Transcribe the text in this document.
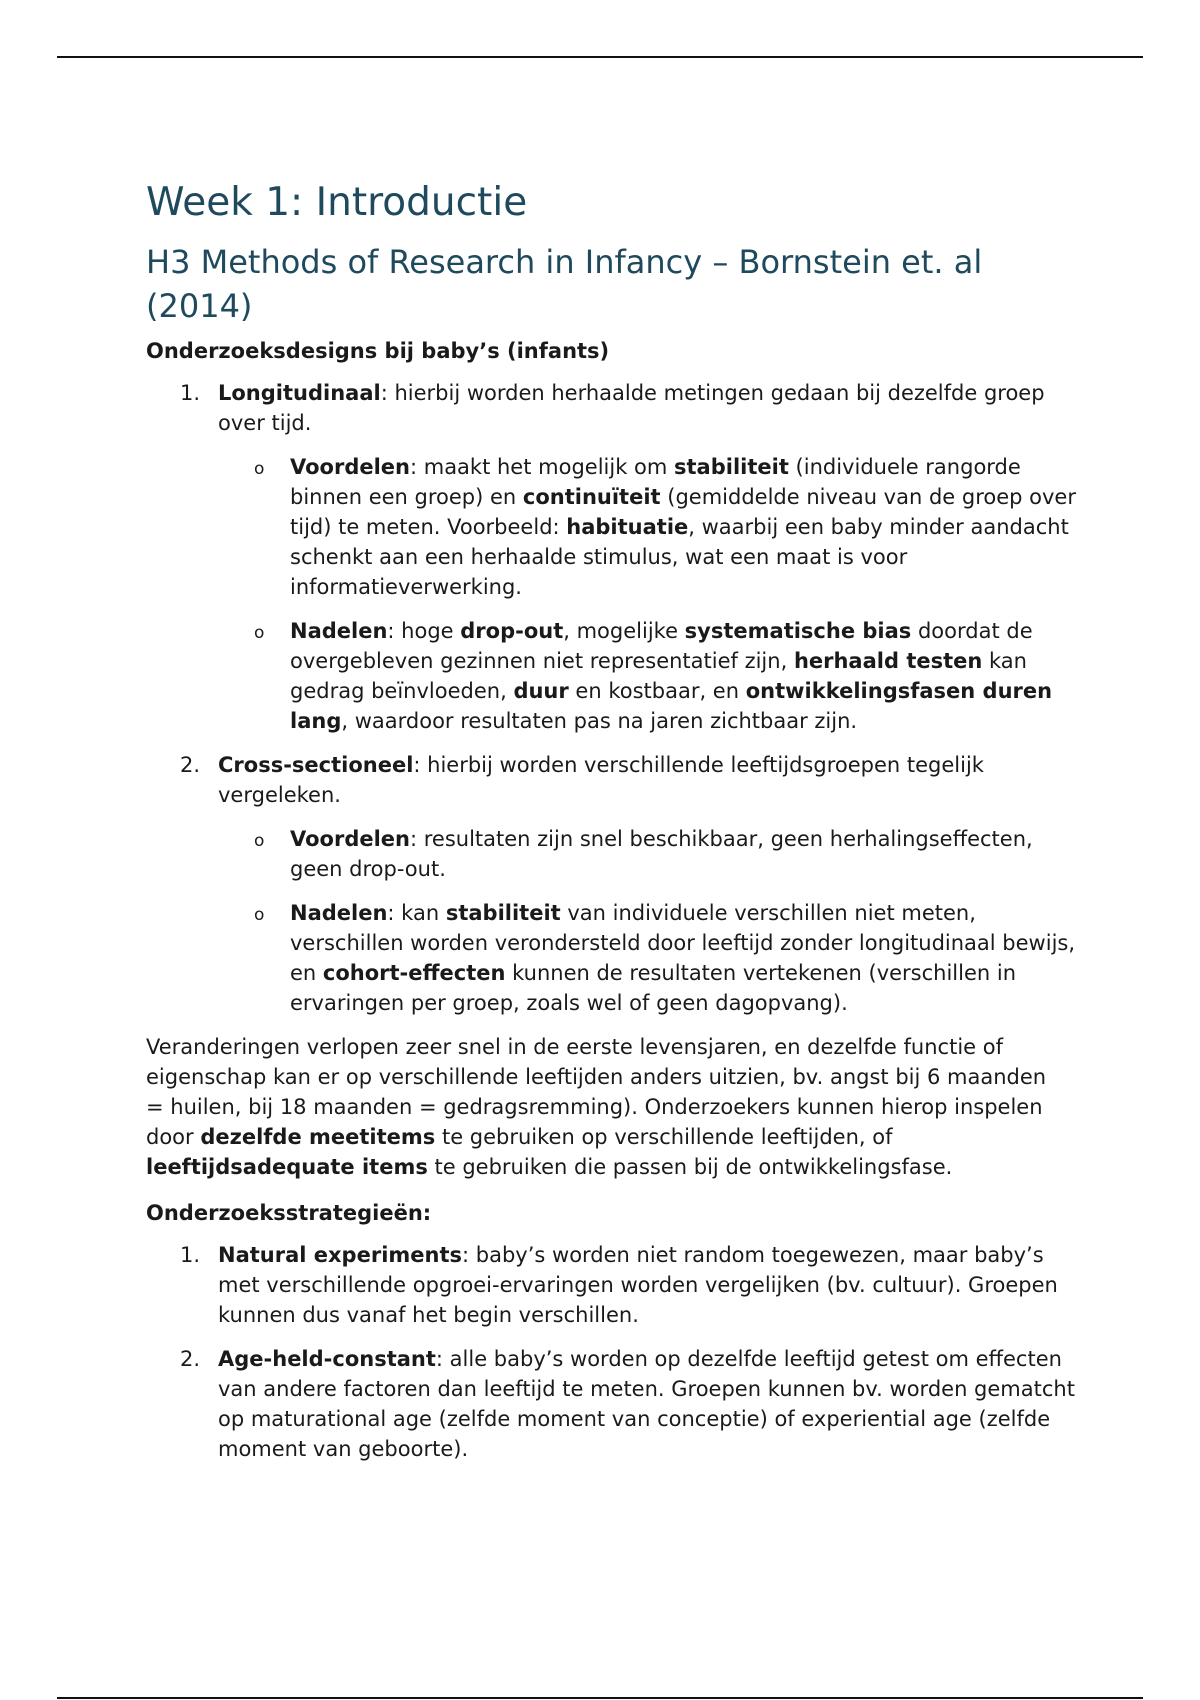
Week 1: Introductie
H3 Methods of Research in Infancy – Bornstein et. al (2014)
Onderzoeksdesigns bij baby’s (infants)
1. Longitudinaal: hierbij worden herhaalde metingen gedaan bij dezelfde groep over tijd.
o Voordelen: maakt het mogelijk om stabiliteit (individuele rangorde binnen een groep) en continuïteit (gemiddelde niveau van de groep over tijd) te meten. Voorbeeld: habituatie, waarbij een baby minder aandacht schenkt aan een herhaalde stimulus, wat een maat is voor informatieverwerking.
o Nadelen: hoge drop-out, mogelijke systematische bias doordat de overgebleven gezinnen niet representatief zijn, herhaald testen kan gedrag beïnvloeden, duur en kostbaar, en ontwikkelingsfasen duren lang, waardoor resultaten pas na jaren zichtbaar zijn.
2. Cross-sectioneel: hierbij worden verschillende leeftijdsgroepen tegelijk vergeleken.
o Voordelen: resultaten zijn snel beschikbaar, geen herhalingseffecten, geen drop-out.
o Nadelen: kan stabiliteit van individuele verschillen niet meten, verschillen worden verondersteld door leeftijd zonder longitudinaal bewijs, en cohort-effecten kunnen de resultaten vertekenen (verschillen in ervaringen per groep, zoals wel of geen dagopvang).
Veranderingen verlopen zeer snel in de eerste levensjaren, en dezelfde functie of eigenschap kan er op verschillende leeftijden anders uitzien, bv. angst bij 6 maanden = huilen, bij 18 maanden = gedragsremming). Onderzoekers kunnen hierop inspelen door dezelfde meetitems te gebruiken op verschillende leeftijden, of leeftijdsadequate items te gebruiken die passen bij de ontwikkelingsfase.
Onderzoeksstrategieën:
1. Natural experiments: baby’s worden niet random toegewezen, maar baby’s met verschillende opgroei-ervaringen worden vergelijken (bv. cultuur). Groepen kunnen dus vanaf het begin verschillen.
2. Age-held-constant: alle baby’s worden op dezelfde leeftijd getest om effecten van andere factoren dan leeftijd te meten. Groepen kunnen bv. worden gematcht op maturational age (zelfde moment van conceptie) of experiential age (zelfde moment van geboorte).
